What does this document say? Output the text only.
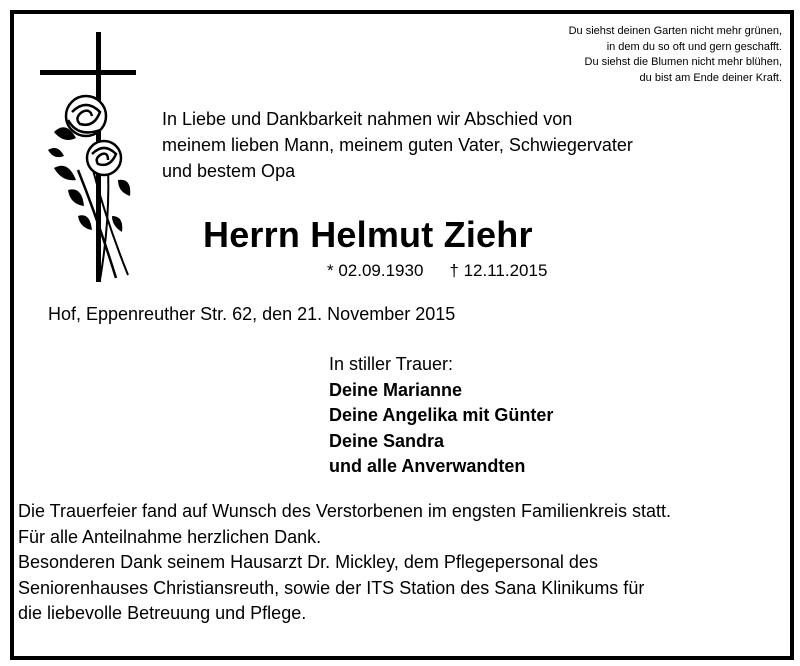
Du siehst deinen Garten nicht mehr grünen,
in dem du so oft und gern geschafft.
Du siehst die Blumen nicht mehr blühen,
du bist am Ende deiner Kraft.
In Liebe und Dankbarkeit nahmen wir Abschied von
meinem lieben Mann, meinem guten Vater, Schwiegervater
und bestem Opa
Herrn Helmut Ziehr
* 02.09.1930 † 12.11.2015
Hof, Eppenreuther Str. 62, den 21. November 2015
In stiller Trauer:
Deine Marianne
Deine Angelika mit Günter
Deine Sandra
und alle Anverwandten
Die Trauerfeier fand auf Wunsch des Verstorbenen im engsten Familienkreis statt.
Für alle Anteilnahme herzlichen Dank.
Besonderen Dank seinem Hausarzt Dr. Mickley, dem Pflegepersonal des
Seniorenhauses Christiansreuth, sowie der ITS Station des Sana Klinikums für
die liebevolle Betreuung und Pflege.
